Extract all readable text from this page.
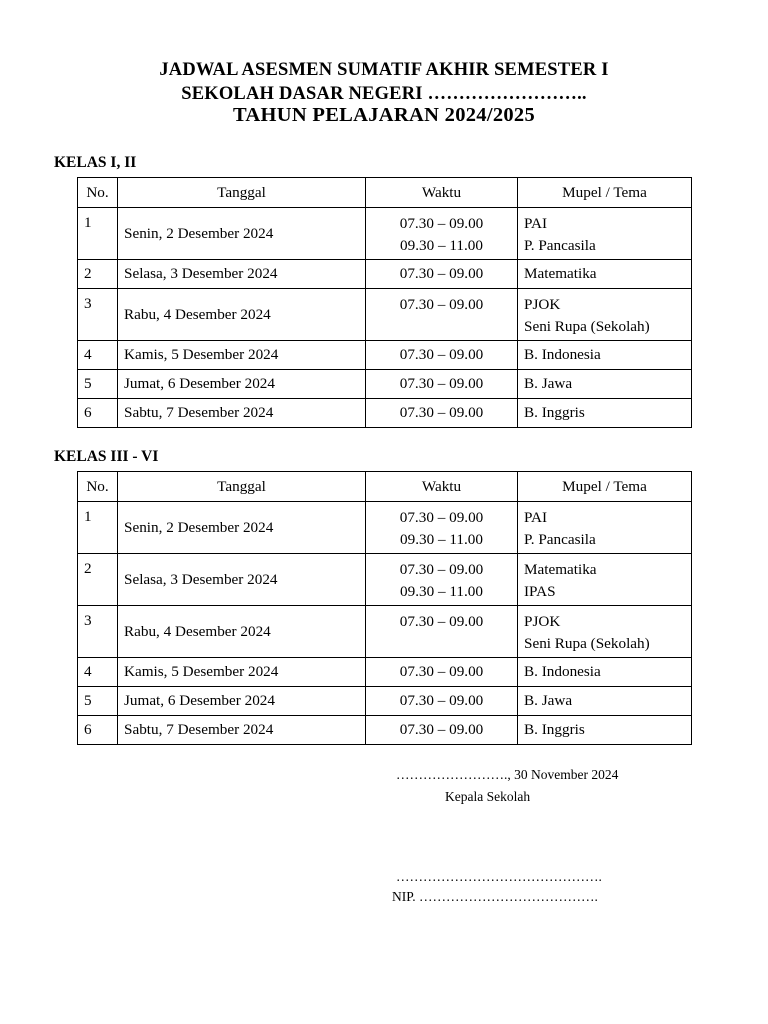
JADWAL ASESMEN SUMATIF AKHIR SEMESTER I
SEKOLAH DASAR NEGERI ……………………..
TAHUN PELAJARAN 2024/2025
KELAS I, II
No.	Tanggal	Waktu	Mupel / Tema
1	Senin, 2 Desember 2024	07.30 – 09.00
09.30 – 11.00	PAI
P. Pancasila

2	Selasa, 3 Desember 2024	07.30 – 09.00	Matematika

3	Rabu, 4 Desember 2024	07.30 – 09.00	PJOK
Seni Rupa (Sekolah)

4	Kamis, 5 Desember 2024	07.30 – 09.00	B. Indonesia

5	Jumat, 6 Desember 2024	07.30 – 09.00	B. Jawa

6	Sabtu, 7 Desember 2024	07.30 – 09.00	B. Inggris
KELAS III - VI
No.	Tanggal	Waktu	Mupel / Tema
1	Senin, 2 Desember 2024	07.30 – 09.00
09.30 – 11.00	PAI
P. Pancasila

2	Selasa, 3 Desember 2024	07.30 – 09.00
09.30 – 11.00	Matematika
IPAS

3	Rabu, 4 Desember 2024	07.30 – 09.00	PJOK
Seni Rupa (Sekolah)

4	Kamis, 5 Desember 2024	07.30 – 09.00	B. Indonesia

5	Jumat, 6 Desember 2024	07.30 – 09.00	B. Jawa

6	Sabtu, 7 Desember 2024	07.30 – 09.00	B. Inggris
……………………., 30 November 2024
Kepala Sekolah
……………………………………….
NIP. ………………………………….
